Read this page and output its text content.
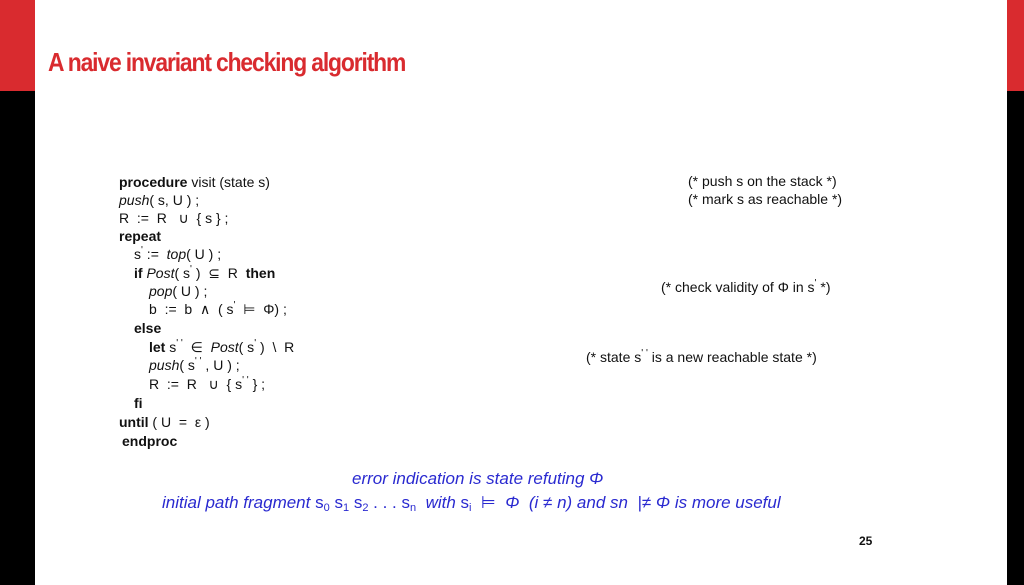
A naive invariant checking algorithm
procedure visit (state s)
push( s, U ) ;
R  :=  R   ∪  { s } ;
repeat
s' :=  top( U ) ;
if Post( s' )  ⊆  R  then
pop( U ) ;
b  :=  b  ∧  ( s'  ⊨  Φ) ;
else
let s' '  ∈  Post( s' )  \  R
push( s' ' , U ) ;
R  :=  R   ∪  { s' ' } ;
fi
until ( U  =  ε )
endproc
(* push s on the stack *)
(* mark s as reachable *)
(* check validity of Φ in s' *)
(* state s' ' is a new reachable state *)
error indication is state refuting Φ
initial path fragment s0 s1 s2 . . . sn  with si  ⊨  Φ  (i ≠ n) and sn  |≠ Φ is more useful
25
